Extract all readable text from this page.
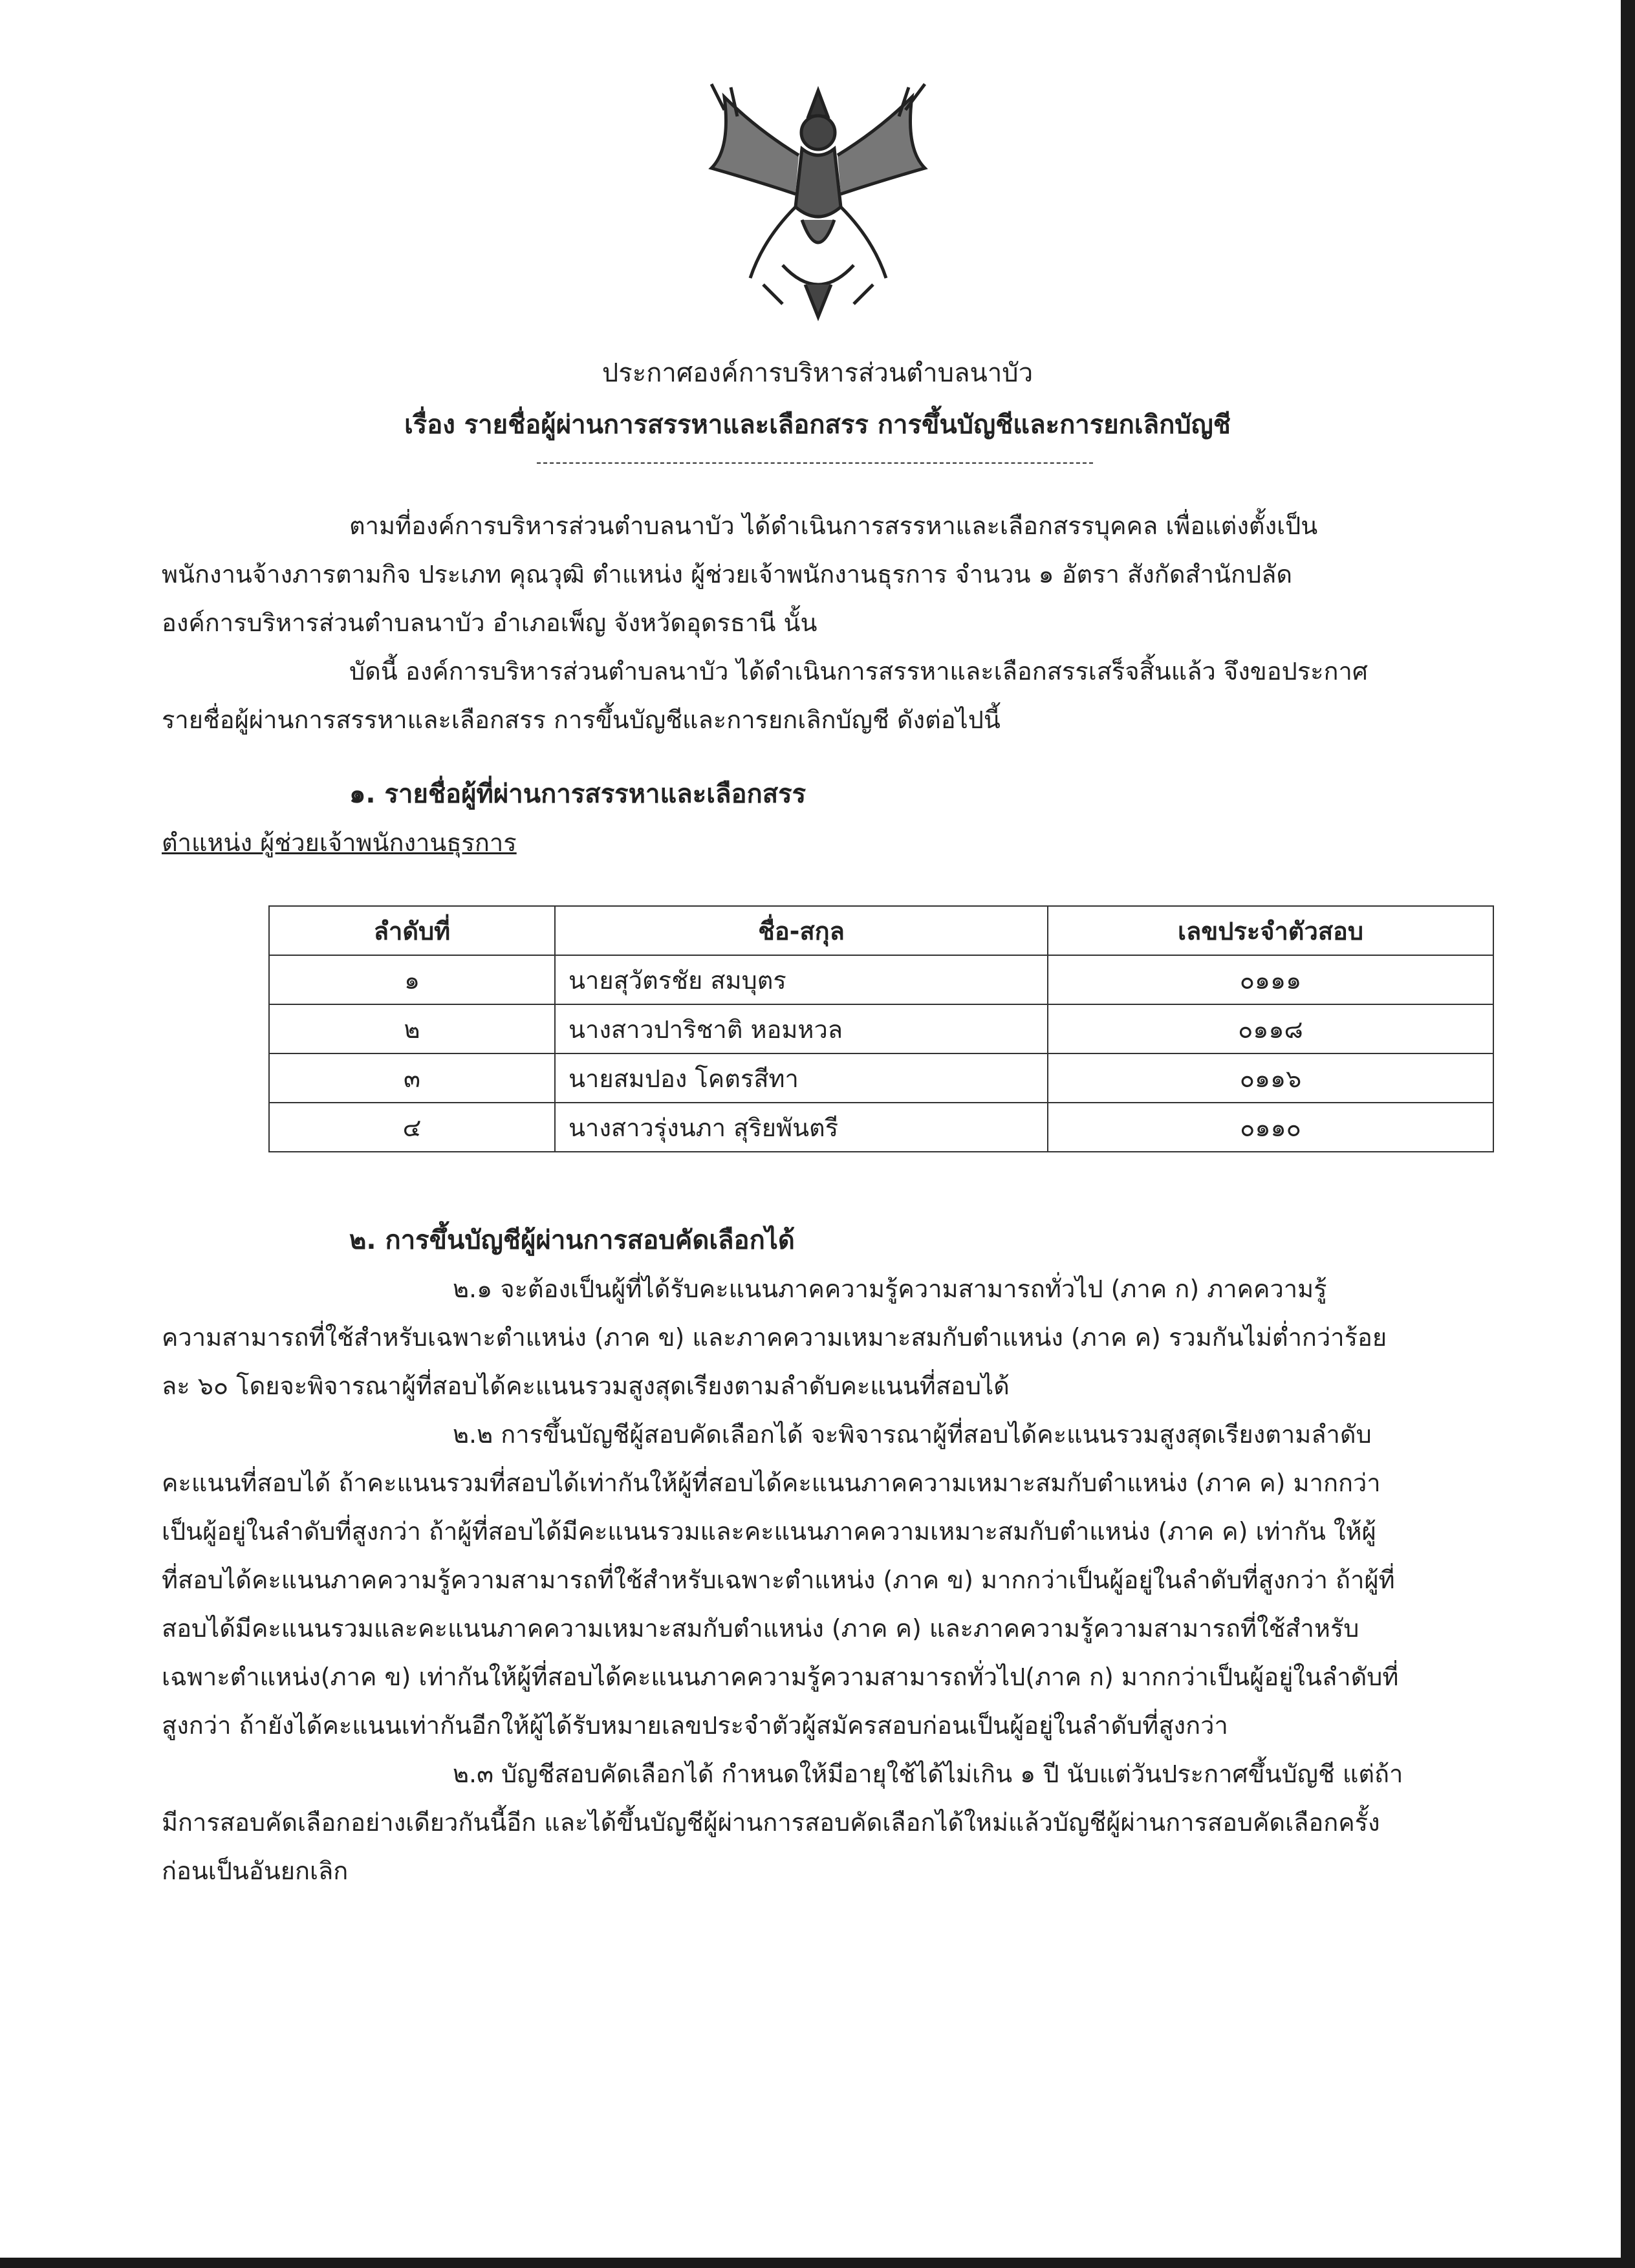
ประกาศองค์การบริหารส่วนตำบลนาบัว
เรื่อง รายชื่อผู้ผ่านการสรรหาและเลือกสรร การขึ้นบัญชีและการยกเลิกบัญชี
ตามที่องค์การบริหารส่วนตำบลนาบัว ได้ดำเนินการสรรหาและเลือกสรรบุคคล เพื่อแต่งตั้งเป็น
พนักงานจ้างภารตามกิจ ประเภท คุณวุฒิ ตำแหน่ง ผู้ช่วยเจ้าพนักงานธุรการ จำนวน ๑ อัตรา สังกัดสำนักปลัด
องค์การบริหารส่วนตำบลนาบัว อำเภอเพ็ญ จังหวัดอุดรธานี นั้น
บัดนี้ องค์การบริหารส่วนตำบลนาบัว ได้ดำเนินการสรรหาและเลือกสรรเสร็จสิ้นแล้ว จึงขอประกาศ
รายชื่อผู้ผ่านการสรรหาและเลือกสรร การขึ้นบัญชีและการยกเลิกบัญชี ดังต่อไปนี้
๑. รายชื่อผู้ที่ผ่านการสรรหาและเลือกสรร
ตำแหน่ง ผู้ช่วยเจ้าพนักงานธุรการ
ลำดับที่	ชื่อ-สกุล	เลขประจำตัวสอบ
๑	นายสุวัตรชัย สมบุตร	๐๑๑๑
๒	นางสาวปาริชาติ หอมหวล	๐๑๑๘
๓	นายสมปอง โคตรสีทา	๐๑๑๖
๔	นางสาวรุ่งนภา สุริยพันตรี	๐๑๑๐
๒. การขึ้นบัญชีผู้ผ่านการสอบคัดเลือกได้
๒.๑ จะต้องเป็นผู้ที่ได้รับคะแนนภาคความรู้ความสามารถทั่วไป (ภาค ก) ภาคความรู้
ความสามารถที่ใช้สำหรับเฉพาะตำแหน่ง (ภาค ข) และภาคความเหมาะสมกับตำแหน่ง (ภาค ค) รวมกันไม่ต่ำกว่าร้อย
ละ ๖๐ โดยจะพิจารณาผู้ที่สอบได้คะแนนรวมสูงสุดเรียงตามลำดับคะแนนที่สอบได้
๒.๒ การขึ้นบัญชีผู้สอบคัดเลือกได้ จะพิจารณาผู้ที่สอบได้คะแนนรวมสูงสุดเรียงตามลำดับ
คะแนนที่สอบได้ ถ้าคะแนนรวมที่สอบได้เท่ากันให้ผู้ที่สอบได้คะแนนภาคความเหมาะสมกับตำแหน่ง (ภาค ค) มากกว่า
เป็นผู้อยู่ในลำดับที่สูงกว่า ถ้าผู้ที่สอบได้มีคะแนนรวมและคะแนนภาคความเหมาะสมกับตำแหน่ง (ภาค ค) เท่ากัน ให้ผู้
ที่สอบได้คะแนนภาคความรู้ความสามารถที่ใช้สำหรับเฉพาะตำแหน่ง (ภาค ข) มากกว่าเป็นผู้อยู่ในลำดับที่สูงกว่า ถ้าผู้ที่
สอบได้มีคะแนนรวมและคะแนนภาคความเหมาะสมกับตำแหน่ง (ภาค ค) และภาคความรู้ความสามารถที่ใช้สำหรับ
เฉพาะตำแหน่ง(ภาค ข) เท่ากันให้ผู้ที่สอบได้คะแนนภาคความรู้ความสามารถทั่วไป(ภาค ก) มากกว่าเป็นผู้อยู่ในลำดับที่
สูงกว่า ถ้ายังได้คะแนนเท่ากันอีกให้ผู้ได้รับหมายเลขประจำตัวผู้สมัครสอบก่อนเป็นผู้อยู่ในลำดับที่สูงกว่า
๒.๓ บัญชีสอบคัดเลือกได้ กำหนดให้มีอายุใช้ได้ไม่เกิน ๑ ปี นับแต่วันประกาศขึ้นบัญชี แต่ถ้า
มีการสอบคัดเลือกอย่างเดียวกันนี้อีก และได้ขึ้นบัญชีผู้ผ่านการสอบคัดเลือกได้ใหม่แล้วบัญชีผู้ผ่านการสอบคัดเลือกครั้ง
ก่อนเป็นอันยกเลิก
